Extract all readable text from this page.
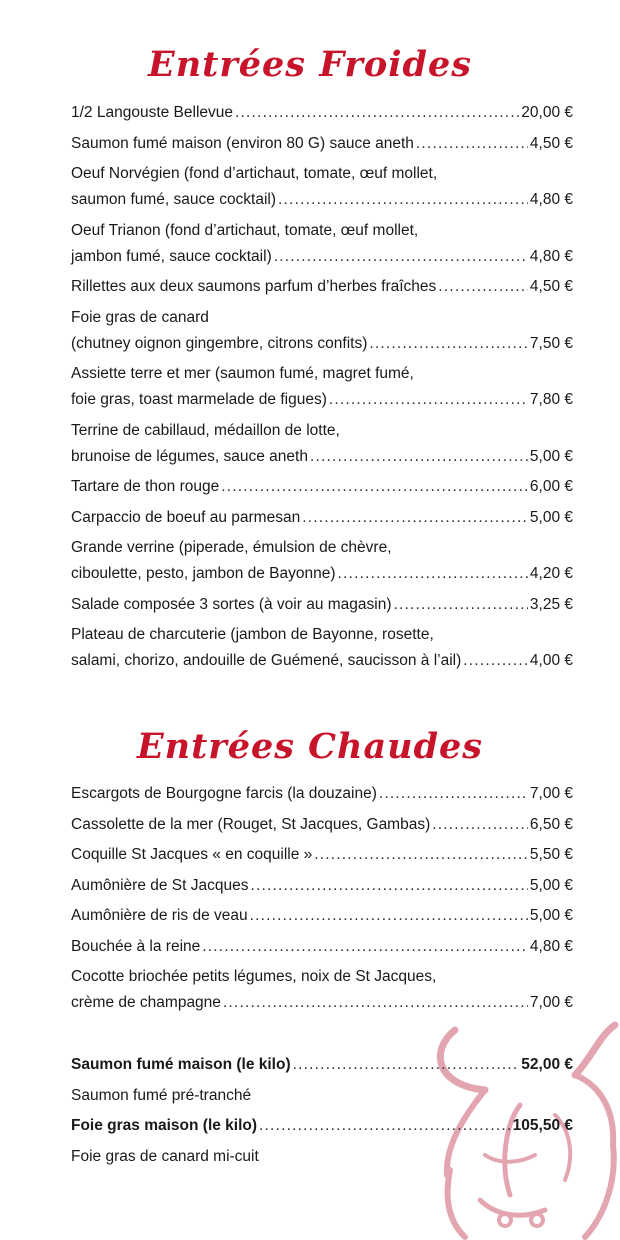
Entrées Froides
1/2 Langouste Bellevue .....	20,00 €
Saumon fumé maison (environ 80 G) sauce aneth .....	4,50 €
Oeuf Norvégien (fond d’artichaut, tomate, œuf mollet,
saumon fumé, sauce cocktail) .....	4,80 €
Oeuf Trianon (fond d’artichaut, tomate, œuf mollet,
jambon fumé, sauce cocktail) .....	4,80 €
Rillettes aux deux saumons parfum d’herbes fraîches .....	4,50 €
Foie gras de canard
(chutney oignon gingembre, citrons confits) .....	7,50 €
Assiette terre et mer (saumon fumé, magret fumé,
foie gras, toast marmelade de figues) .....	7,80 €
Terrine de cabillaud, médaillon de lotte,
brunoise de légumes, sauce aneth .....	5,00 €
Tartare de thon rouge .....	6,00 €
Carpaccio de boeuf au parmesan .....	5,00 €
Grande verrine (piperade, émulsion de chèvre,
ciboulette, pesto, jambon de Bayonne) .....	4,20 €
Salade composée 3 sortes (à voir au magasin) .....	3,25 €
Plateau de charcuterie (jambon de Bayonne, rosette,
salami, chorizo, andouille de Guémené, saucisson à l’ail) .....	4,00 €
Entrées Chaudes
Escargots de Bourgogne farcis (la douzaine) .....	7,00 €
Cassolette de la mer (Rouget, St Jacques, Gambas) .....	6,50 €
Coquille St Jacques « en coquille » .....	5,50 €
Aumônière de St Jacques .....	5,00 €
Aumônière de ris de veau .....	5,00 €
Bouchée à la reine .....	4,80 €
Cocotte briochée petits légumes, noix de St Jacques,
crème de champagne .....	7,00 €
Saumon fumé maison (le kilo) .....	52,00 €
Saumon fumé pré-tranché
Foie gras maison (le kilo) .....	105,50 €
Foie gras de canard mi-cuit
